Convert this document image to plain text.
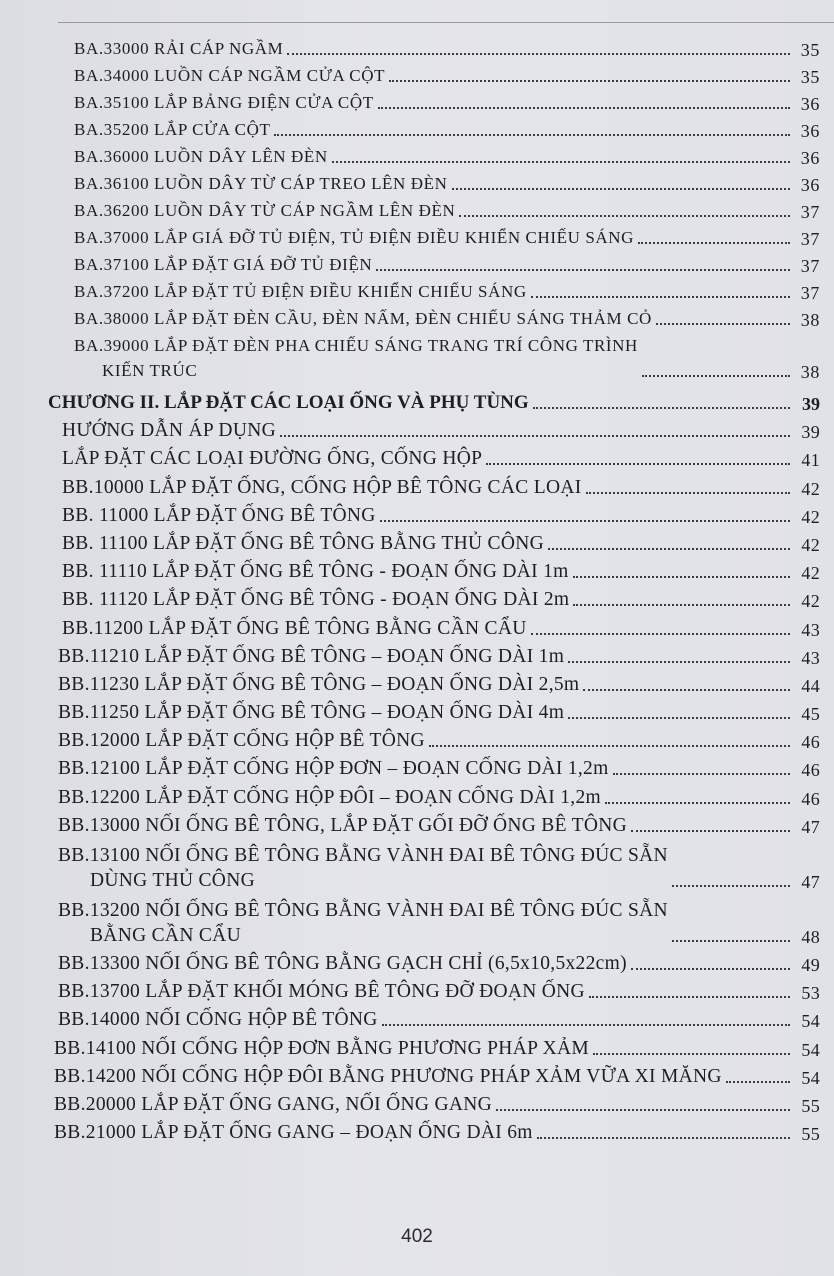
BA.33000 RẢI CÁP NGẦM	35
BA.34000 LUỒN CÁP NGẦM CỬA CỘT	35
BA.35100 LẮP BẢNG ĐIỆN CỬA CỘT	36
BA.35200 LẮP CỬA CỘT	36
BA.36000 LUỒN DÂY LÊN ĐÈN	36
BA.36100 LUỒN DÂY TỪ CÁP TREO LÊN ĐÈN	36
BA.36200 LUỒN DÂY TỪ CÁP NGẦM LÊN ĐÈN	37
BA.37000 LẮP GIÁ ĐỠ TỦ ĐIỆN, TỦ ĐIỆN ĐIỀU KHIỂN CHIẾU SÁNG	37
BA.37100 LẮP ĐẶT GIÁ ĐỠ TỦ ĐIỆN	37
BA.37200 LẮP ĐẶT TỦ ĐIỆN ĐIỀU KHIỂN CHIẾU SÁNG	37
BA.38000 LẮP ĐẶT ĐÈN CẦU, ĐÈN NẤM, ĐÈN CHIẾU SÁNG THẢM CỎ	38
BA.39000 LẮP ĐẶT ĐÈN PHA CHIẾU SÁNG TRANG TRÍ CÔNG TRÌNH
KIẾN TRÚC	38
CHƯƠNG II. LẮP ĐẶT CÁC LOẠI ỐNG VÀ PHỤ TÙNG	39
HƯỚNG DẪN ÁP DỤNG	39
LẮP ĐẶT CÁC LOẠI ĐƯỜNG ỐNG, CỐNG HỘP	41
BB.10000 LẮP ĐẶT ỐNG, CỐNG HỘP BÊ TÔNG CÁC LOẠI	42
BB. 11000 LẮP ĐẶT ỐNG BÊ TÔNG	42
BB. 11100 LẮP ĐẶT ỐNG BÊ TÔNG BẰNG THỦ CÔNG	42
BB. 11110 LẮP ĐẶT ỐNG BÊ TÔNG - ĐOẠN ỐNG DÀI 1m	42
BB. 11120 LẮP ĐẶT ỐNG BÊ TÔNG - ĐOẠN ỐNG DÀI 2m	42
BB.11200 LẮP ĐẶT ỐNG BÊ TÔNG BẰNG CẦN CẨU	43
BB.11210 LẮP ĐẶT ỐNG BÊ TÔNG – ĐOẠN ỐNG DÀI 1m	43
BB.11230 LẮP ĐẶT ỐNG BÊ TÔNG – ĐOẠN ỐNG DÀI 2,5m	44
BB.11250 LẮP ĐẶT ỐNG BÊ TÔNG – ĐOẠN ỐNG DÀI 4m	45
BB.12000 LẮP ĐẶT CỐNG HỘP BÊ TÔNG	46
BB.12100 LẮP ĐẶT CỐNG HỘP ĐƠN – ĐOẠN CỐNG DÀI 1,2m	46
BB.12200 LẮP ĐẶT CỐNG HỘP ĐÔI – ĐOẠN CỐNG DÀI 1,2m	46
BB.13000 NỐI ỐNG BÊ TÔNG, LẮP ĐẶT GỐI ĐỠ ỐNG BÊ TÔNG	47
BB.13100 NỐI ỐNG BÊ TÔNG BẰNG VÀNH ĐAI BÊ TÔNG ĐÚC SẴN
DÙNG THỦ CÔNG	47
BB.13200 NỐI ỐNG BÊ TÔNG BẰNG VÀNH ĐAI BÊ TÔNG ĐÚC SẴN
BẰNG CẦN CẨU	48
BB.13300 NỐI ỐNG BÊ TÔNG BẰNG GẠCH CHỈ (6,5x10,5x22cm)	49
BB.13700 LẮP ĐẶT KHỐI MÓNG BÊ TÔNG ĐỠ ĐOẠN ỐNG	53
BB.14000 NỐI CỐNG HỘP BÊ TÔNG	54
BB.14100 NỐI CỐNG HỘP ĐƠN BẰNG PHƯƠNG PHÁP XẢM	54
BB.14200 NỐI CỐNG HỘP ĐÔI BẰNG PHƯƠNG PHÁP XẢM VỮA XI MĂNG	54
BB.20000 LẮP ĐẶT ỐNG GANG, NỐI ỐNG GANG	55
BB.21000 LẮP ĐẶT ỐNG GANG – ĐOẠN ỐNG DÀI 6m	55
402
